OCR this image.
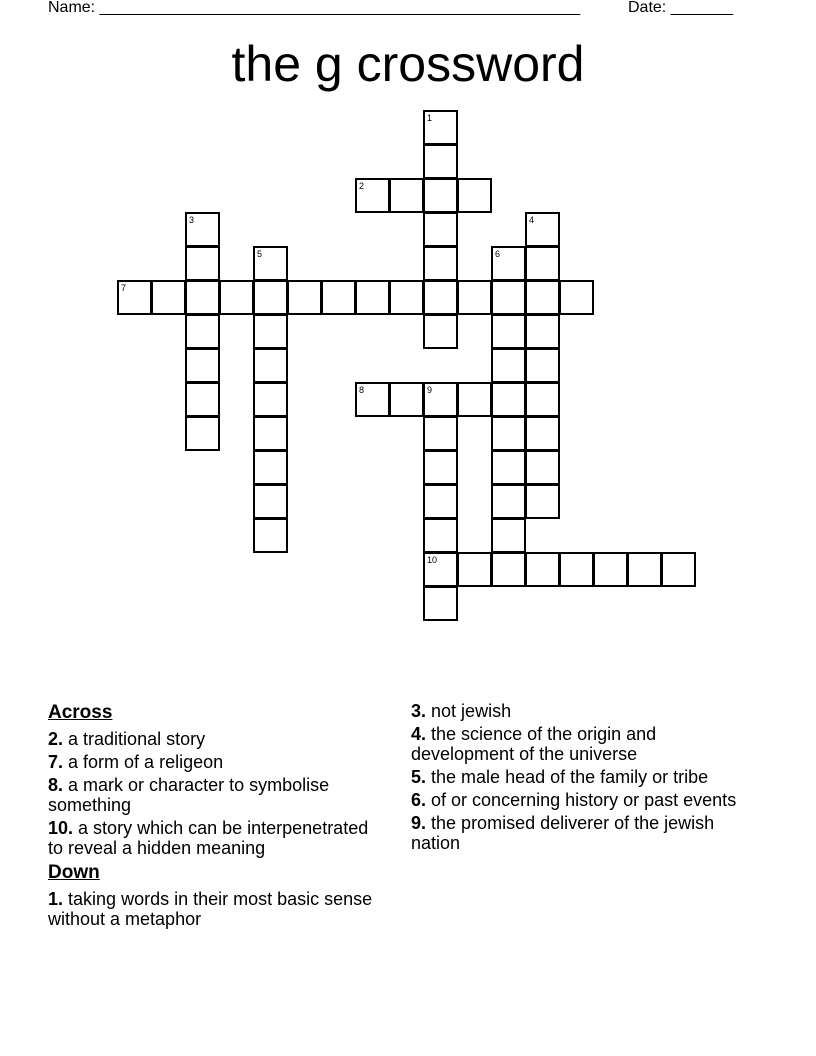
Name: ______________________________________________________	Date: _______
the g crossword
1
2
3	4
5	6
7
8	9
10
Across
2. a traditional story
7. a form of a religeon
8. a mark or character to symbolise something
10. a story which can be interpenetrated to reveal a hidden meaning
Down
1. taking words in their most basic sense without a metaphor
3. not jewish
4. the science of the origin and development of the universe
5. the male head of the family or tribe
6. of or concerning history or past events
9. the promised deliverer of the jewish nation
